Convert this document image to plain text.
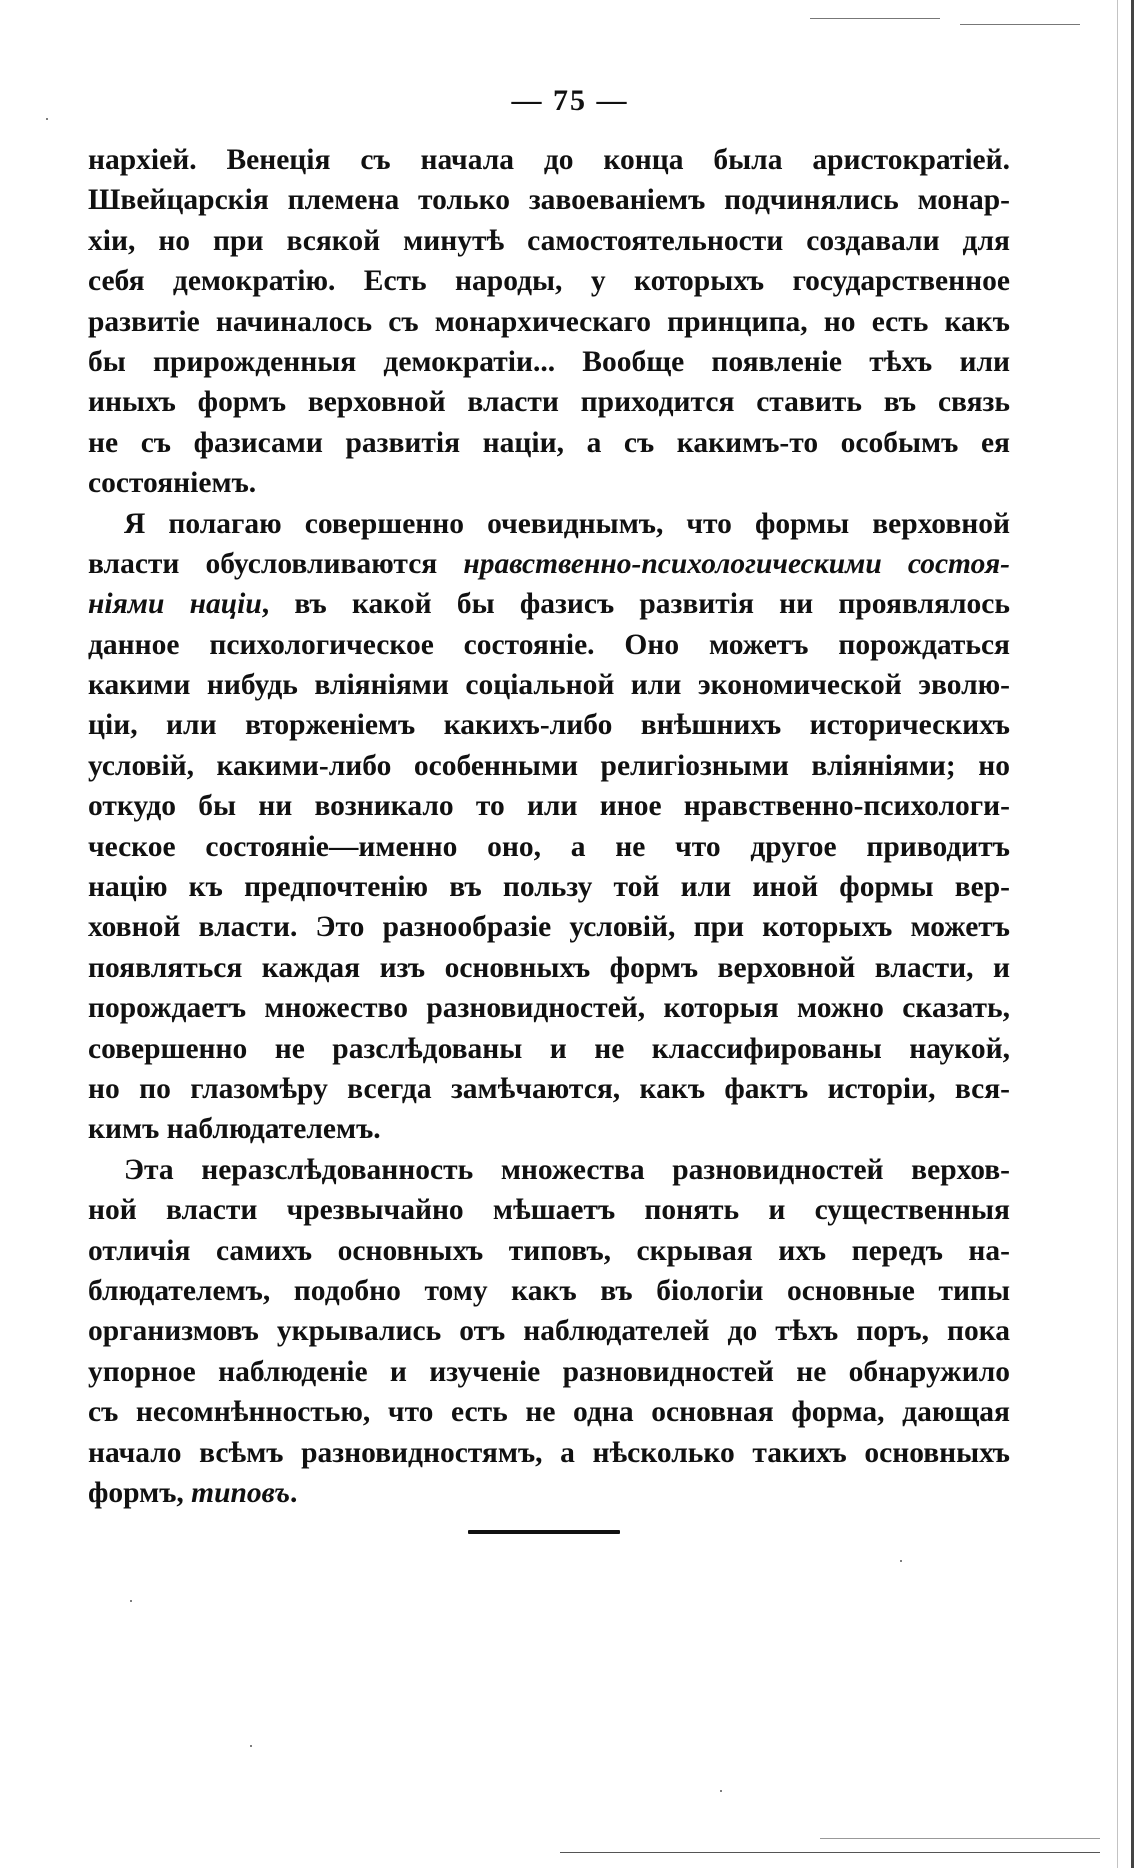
— 75 —
нархіей. Венеція съ начала до конца была аристократіей.
Швейцарскія племена только завоеваніемъ подчинялись монар-
хіи, но при всякой минутѣ самостоятельности создавали для
себя демократію. Есть народы, у которыхъ государственное
развитіе начиналось съ монархическаго принципа, но есть какъ
бы прирожденныя демократіи... Вообще появленіе тѣхъ или
иныхъ формъ верховной власти приходится ставить въ связь
не съ фазисами развитія націи, а съ какимъ-то особымъ ея
состояніемъ.
Я полагаю совершенно очевиднымъ, что формы верховной
власти обусловливаются нравственно-психологическими состоя-
ніями націи, въ какой бы фазисъ развитія ни проявлялось
данное психологическое состояніе. Оно можетъ порождаться
какими нибудь вліяніями соціальной или экономической эволю-
ціи, или вторженіемъ какихъ-либо внѣшнихъ историческихъ
условій, какими-либо особенными религіозными вліяніями; но
откудо бы ни возникало то или иное нравственно-психологи-
ческое состояніе—именно оно, а не что другое приводитъ
націю къ предпочтенію въ пользу той или иной формы вер-
ховной власти. Это разнообразіе условій, при которыхъ можетъ
появляться каждая изъ основныхъ формъ верховной власти, и
порождаетъ множество разновидностей, которыя можно сказать,
совершенно не разслѣдованы и не классифированы наукой,
но по глазомѣру всегда замѣчаются, какъ фактъ исторіи, вся-
кимъ наблюдателемъ.
Эта неразслѣдованность множества разновидностей верхов-
ной власти чрезвычайно мѣшаетъ понять и существенныя
отличія самихъ основныхъ типовъ, скрывая ихъ передъ на-
блюдателемъ, подобно тому какъ въ біологіи основные типы
организмовъ укрывались отъ наблюдателей до тѣхъ поръ, пока
упорное наблюденіе и изученіе разновидностей не обнаружило
съ несомнѣнностью, что есть не одна основная форма, дающая
начало всѣмъ разновидностямъ, а нѣсколько такихъ основныхъ
формъ, типовъ.
